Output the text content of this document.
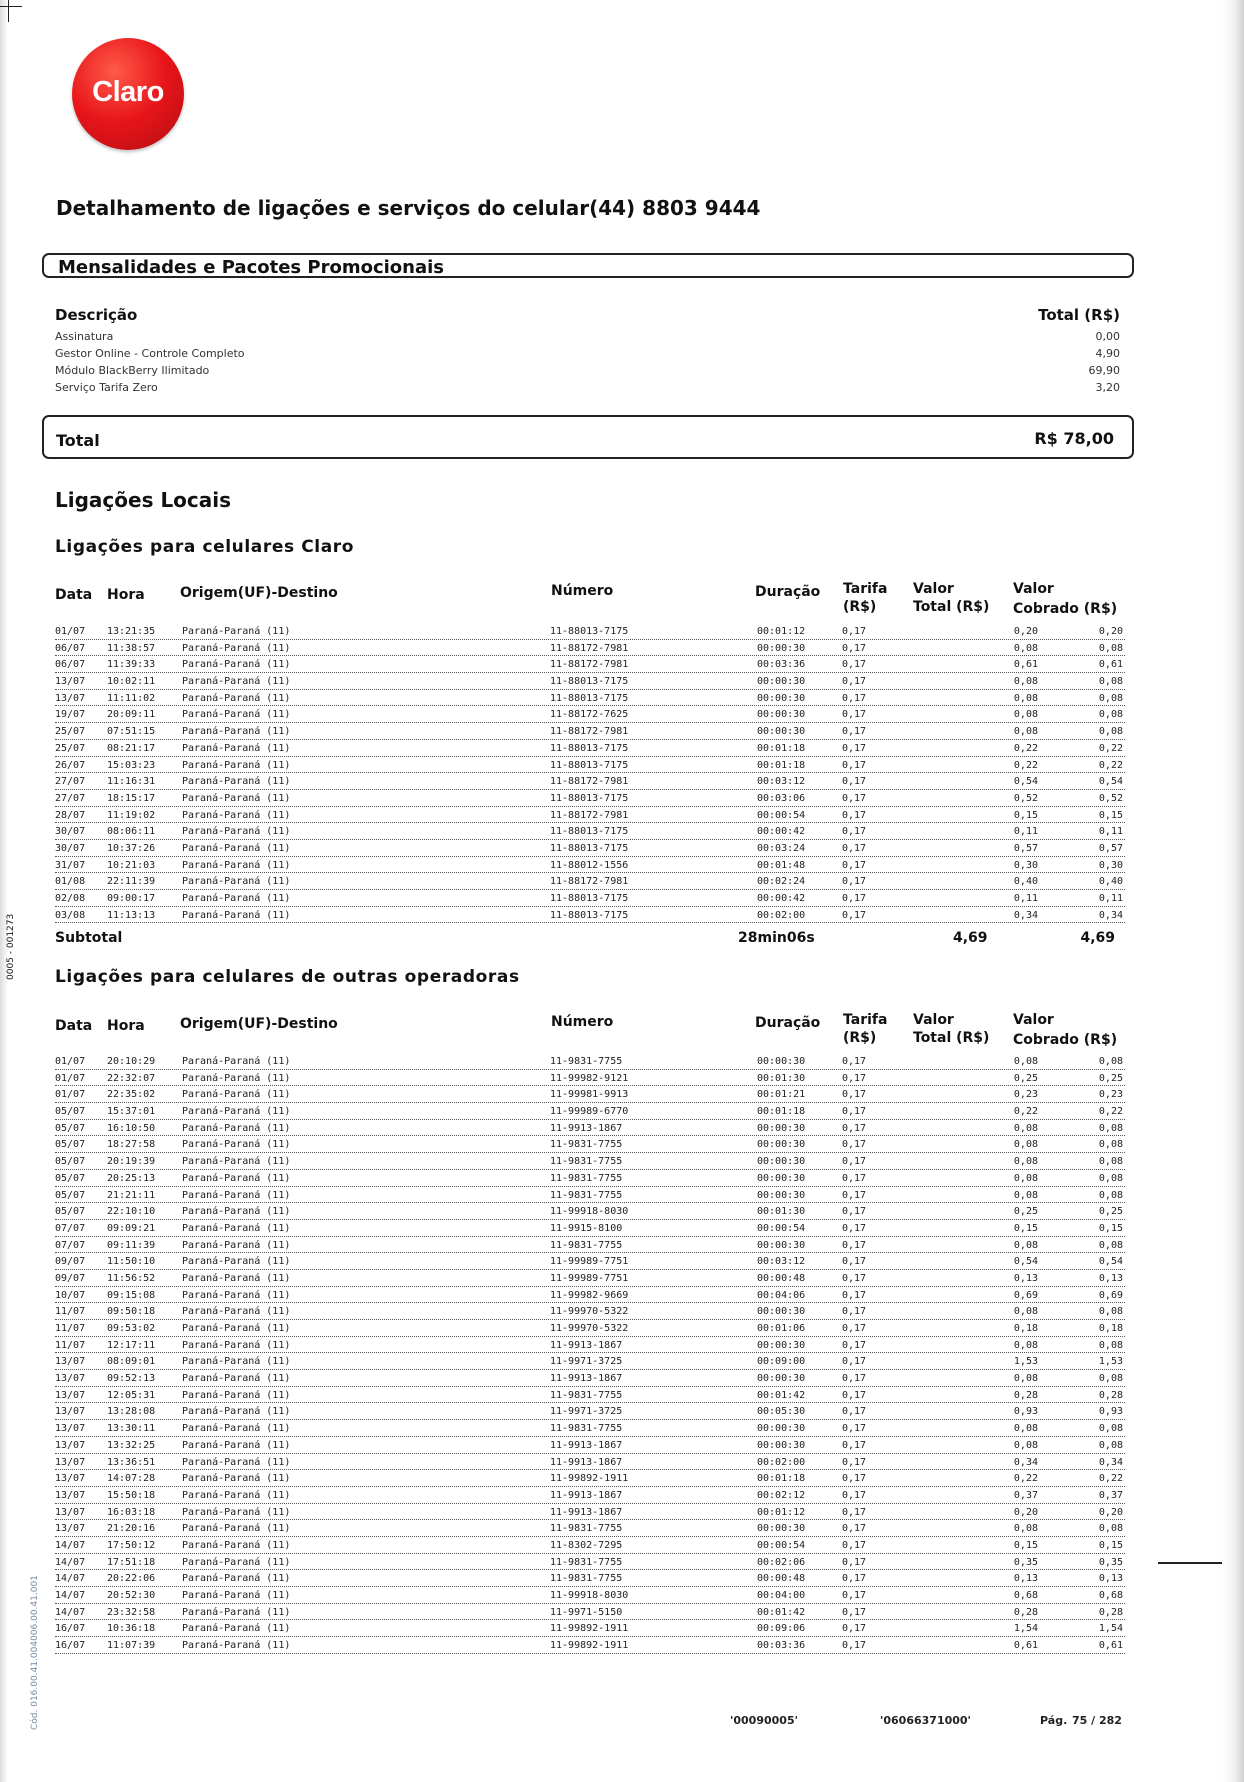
Claro
Detalhamento de ligações e serviços do celular(44) 8803 9444
Mensalidades e Pacotes Promocionais
Descrição	Total (R$)
Assinatura	0,00
Gestor Online - Controle Completo	4,90
Módulo BlackBerry Ilimitado	69,90
Serviço Tarifa Zero	3,20
Total	R$ 78,00
Ligações Locais
Ligações para celulares Claro
Data Hora	Origem(UF)-Destino	Número	Duração Tarifa
(R$)
Valor
Total (R$)
Valor
Cobrado (R$)
01/07 13:21:35	Paraná-Paraná (11)	11-88013-7175	00:01:12	0,17	0,20	0,20
06/07 11:38:57	Paraná-Paraná (11)	11-88172-7981	00:00:30	0,17	0,08	0,08
06/07 11:39:33	Paraná-Paraná (11)	11-88172-7981	00:03:36	0,17	0,61	0,61
13/07 10:02:11	Paraná-Paraná (11)	11-88013-7175	00:00:30	0,17	0,08	0,08
13/07 11:11:02	Paraná-Paraná (11)	11-88013-7175	00:00:30	0,17	0,08	0,08
19/07 20:09:11	Paraná-Paraná (11)	11-88172-7625	00:00:30	0,17	0,08	0,08
25/07 07:51:15	Paraná-Paraná (11)	11-88172-7981	00:00:30	0,17	0,08	0,08
25/07 08:21:17	Paraná-Paraná (11)	11-88013-7175	00:01:18	0,17	0,22	0,22
26/07 15:03:23	Paraná-Paraná (11)	11-88013-7175	00:01:18	0,17	0,22	0,22
27/07 11:16:31	Paraná-Paraná (11)	11-88172-7981	00:03:12	0,17	0,54	0,54
27/07 18:15:17	Paraná-Paraná (11)	11-88013-7175	00:03:06	0,17	0,52	0,52
28/07 11:19:02	Paraná-Paraná (11)	11-88172-7981	00:00:54	0,17	0,15	0,15
30/07 08:06:11	Paraná-Paraná (11)	11-88013-7175	00:00:42	0,17	0,11	0,11
30/07 10:37:26	Paraná-Paraná (11)	11-88013-7175	00:03:24	0,17	0,57	0,57
31/07 10:21:03	Paraná-Paraná (11)	11-88012-1556	00:01:48	0,17	0,30	0,30
01/08 22:11:39	Paraná-Paraná (11)	11-88172-7981	00:02:24	0,17	0,40	0,40
02/08 09:00:17	Paraná-Paraná (11)	11-88013-7175	00:00:42	0,17	0,11	0,11
03/08 11:13:13	Paraná-Paraná (11)	11-88013-7175	00:02:00	0,17	0,34	0,34
Subtotal	28min06s	4,69	4,69
Ligações para celulares de outras operadoras
Data Hora	Origem(UF)-Destino	Número	Duração Tarifa
(R$)
Valor
Total (R$)
Valor
Cobrado (R$)
01/07 20:10:29	Paraná-Paraná (11)	11-9831-7755	00:00:30	0,17	0,08	0,08
01/07 22:32:07	Paraná-Paraná (11)	11-99982-9121	00:01:30	0,17	0,25	0,25
01/07 22:35:02	Paraná-Paraná (11)	11-99981-9913	00:01:21	0,17	0,23	0,23
05/07 15:37:01	Paraná-Paraná (11)	11-99989-6770	00:01:18	0,17	0,22	0,22
05/07 16:10:50	Paraná-Paraná (11)	11-9913-1867	00:00:30	0,17	0,08	0,08
05/07 18:27:58	Paraná-Paraná (11)	11-9831-7755	00:00:30	0,17	0,08	0,08
05/07 20:19:39	Paraná-Paraná (11)	11-9831-7755	00:00:30	0,17	0,08	0,08
05/07 20:25:13	Paraná-Paraná (11)	11-9831-7755	00:00:30	0,17	0,08	0,08
05/07 21:21:11	Paraná-Paraná (11)	11-9831-7755	00:00:30	0,17	0,08	0,08
05/07 22:10:10	Paraná-Paraná (11)	11-99918-8030	00:01:30	0,17	0,25	0,25
07/07 09:09:21	Paraná-Paraná (11)	11-9915-8100	00:00:54	0,17	0,15	0,15
07/07 09:11:39	Paraná-Paraná (11)	11-9831-7755	00:00:30	0,17	0,08	0,08
09/07 11:50:10	Paraná-Paraná (11)	11-99989-7751	00:03:12	0,17	0,54	0,54
09/07 11:56:52	Paraná-Paraná (11)	11-99989-7751	00:00:48	0,17	0,13	0,13
10/07 09:15:08	Paraná-Paraná (11)	11-99982-9669	00:04:06	0,17	0,69	0,69
11/07 09:50:18	Paraná-Paraná (11)	11-99970-5322	00:00:30	0,17	0,08	0,08
11/07 09:53:02	Paraná-Paraná (11)	11-99970-5322	00:01:06	0,17	0,18	0,18
11/07 12:17:11	Paraná-Paraná (11)	11-9913-1867	00:00:30	0,17	0,08	0,08
13/07 08:09:01	Paraná-Paraná (11)	11-9971-3725	00:09:00	0,17	1,53	1,53
13/07 09:52:13	Paraná-Paraná (11)	11-9913-1867	00:00:30	0,17	0,08	0,08
13/07 12:05:31	Paraná-Paraná (11)	11-9831-7755	00:01:42	0,17	0,28	0,28
13/07 13:28:08	Paraná-Paraná (11)	11-9971-3725	00:05:30	0,17	0,93	0,93
13/07 13:30:11	Paraná-Paraná (11)	11-9831-7755	00:00:30	0,17	0,08	0,08
13/07 13:32:25	Paraná-Paraná (11)	11-9913-1867	00:00:30	0,17	0,08	0,08
13/07 13:36:51	Paraná-Paraná (11)	11-9913-1867	00:02:00	0,17	0,34	0,34
13/07 14:07:28	Paraná-Paraná (11)	11-99892-1911	00:01:18	0,17	0,22	0,22
13/07 15:50:18	Paraná-Paraná (11)	11-9913-1867	00:02:12	0,17	0,37	0,37
13/07 16:03:18	Paraná-Paraná (11)	11-9913-1867	00:01:12	0,17	0,20	0,20
13/07 21:20:16	Paraná-Paraná (11)	11-9831-7755	00:00:30	0,17	0,08	0,08
14/07 17:50:12	Paraná-Paraná (11)	11-8302-7295	00:00:54	0,17	0,15	0,15
14/07 17:51:18	Paraná-Paraná (11)	11-9831-7755	00:02:06	0,17	0,35	0,35
14/07 20:22:06	Paraná-Paraná (11)	11-9831-7755	00:00:48	0,17	0,13	0,13
14/07 20:52:30	Paraná-Paraná (11)	11-99918-8030	00:04:00	0,17	0,68	0,68
14/07 23:32:58	Paraná-Paraná (11)	11-9971-5150	00:01:42	0,17	0,28	0,28
16/07 10:36:18	Paraná-Paraná (11)	11-99892-1911	00:09:06	0,17	1,54	1,54
16/07 11:07:39	Paraná-Paraná (11)	11-99892-1911	00:03:36	0,17	0,61	0,61
0005 - 001273
Cód. 016.00.41.004006.00.41.001	'00090005'	'06066371000'	Pág. 75 / 282
